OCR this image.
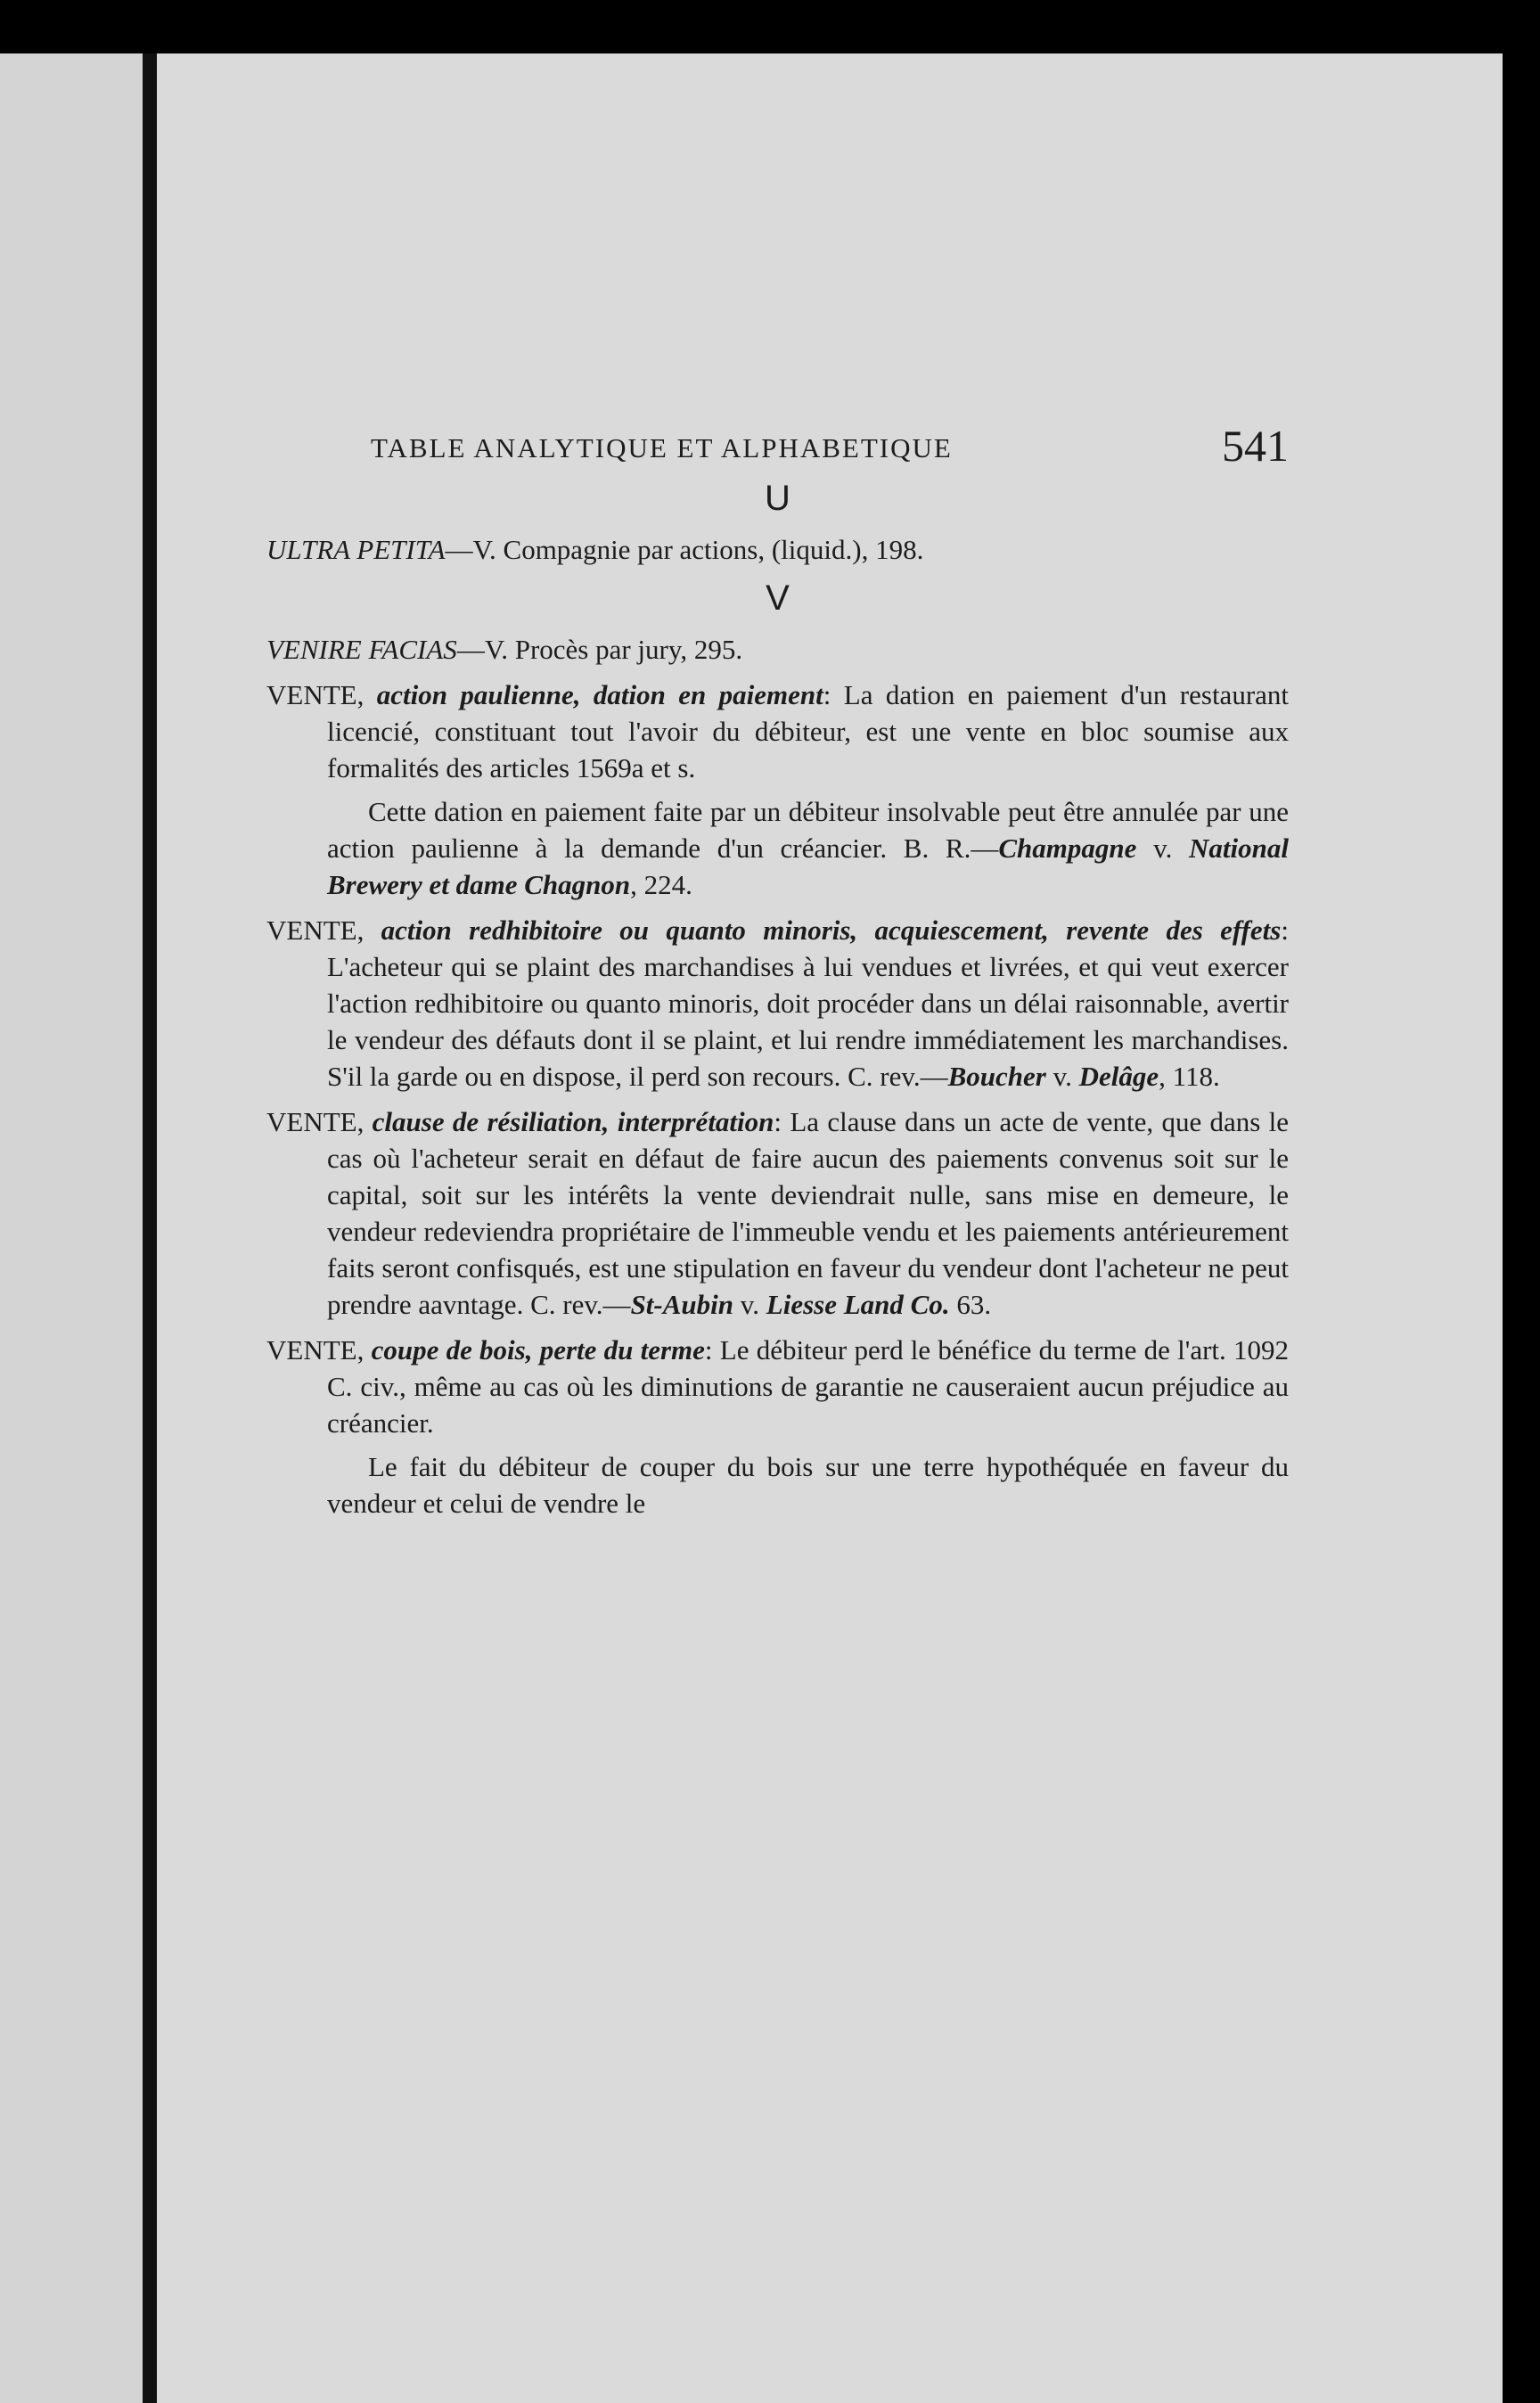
TABLE ANALYTIQUE ET ALPHABETIQUE	541
U

ULTRA PETITA—V. Compagnie par actions, (liquid.), 198.

V

VENIRE FACIAS—V. Procès par jury, 295.

VENTE, action paulienne, dation en paiement: La dation en paiement d'un restaurant licencié, constituant tout l'avoir du débiteur, est une vente en bloc soumise aux formalités des articles 1569a et s.

Cette dation en paiement faite par un débiteur insolvable peut être annulée par une action paulienne à la demande d'un créancier. B. R.—Champagne v. National Brewery et dame Chagnon, 224.

VENTE, action redhibitoire ou quanto minoris, acquiescement, revente des effets: L'acheteur qui se plaint des marchandises à lui vendues et livrées, et qui veut exercer l'action redhibitoire ou quanto minoris, doit procéder dans un délai raisonnable, avertir le vendeur des défauts dont il se plaint, et lui rendre immédiatement les marchandises. S'il la garde ou en dispose, il perd son recours. C. rev.—Boucher v. Delâge, 118.

VENTE, clause de résiliation, interprétation: La clause dans un acte de vente, que dans le cas où l'acheteur serait en défaut de faire aucun des paiements convenus soit sur le capital, soit sur les intérêts la vente deviendrait nulle, sans mise en demeure, le vendeur redeviendra propriétaire de l'immeuble vendu et les paiements antérieurement faits seront confisqués, est une stipulation en faveur du vendeur dont l'acheteur ne peut prendre aavntage. C. rev.—St-Aubin v. Liesse Land Co. 63.

VENTE, coupe de bois, perte du terme: Le débiteur perd le bénéfice du terme de l'art. 1092 C. civ., même au cas où les diminutions de garantie ne causeraient aucun préjudice au créancier.

Le fait du débiteur de couper du bois sur une terre hypothéquée en faveur du vendeur et celui de vendre le
